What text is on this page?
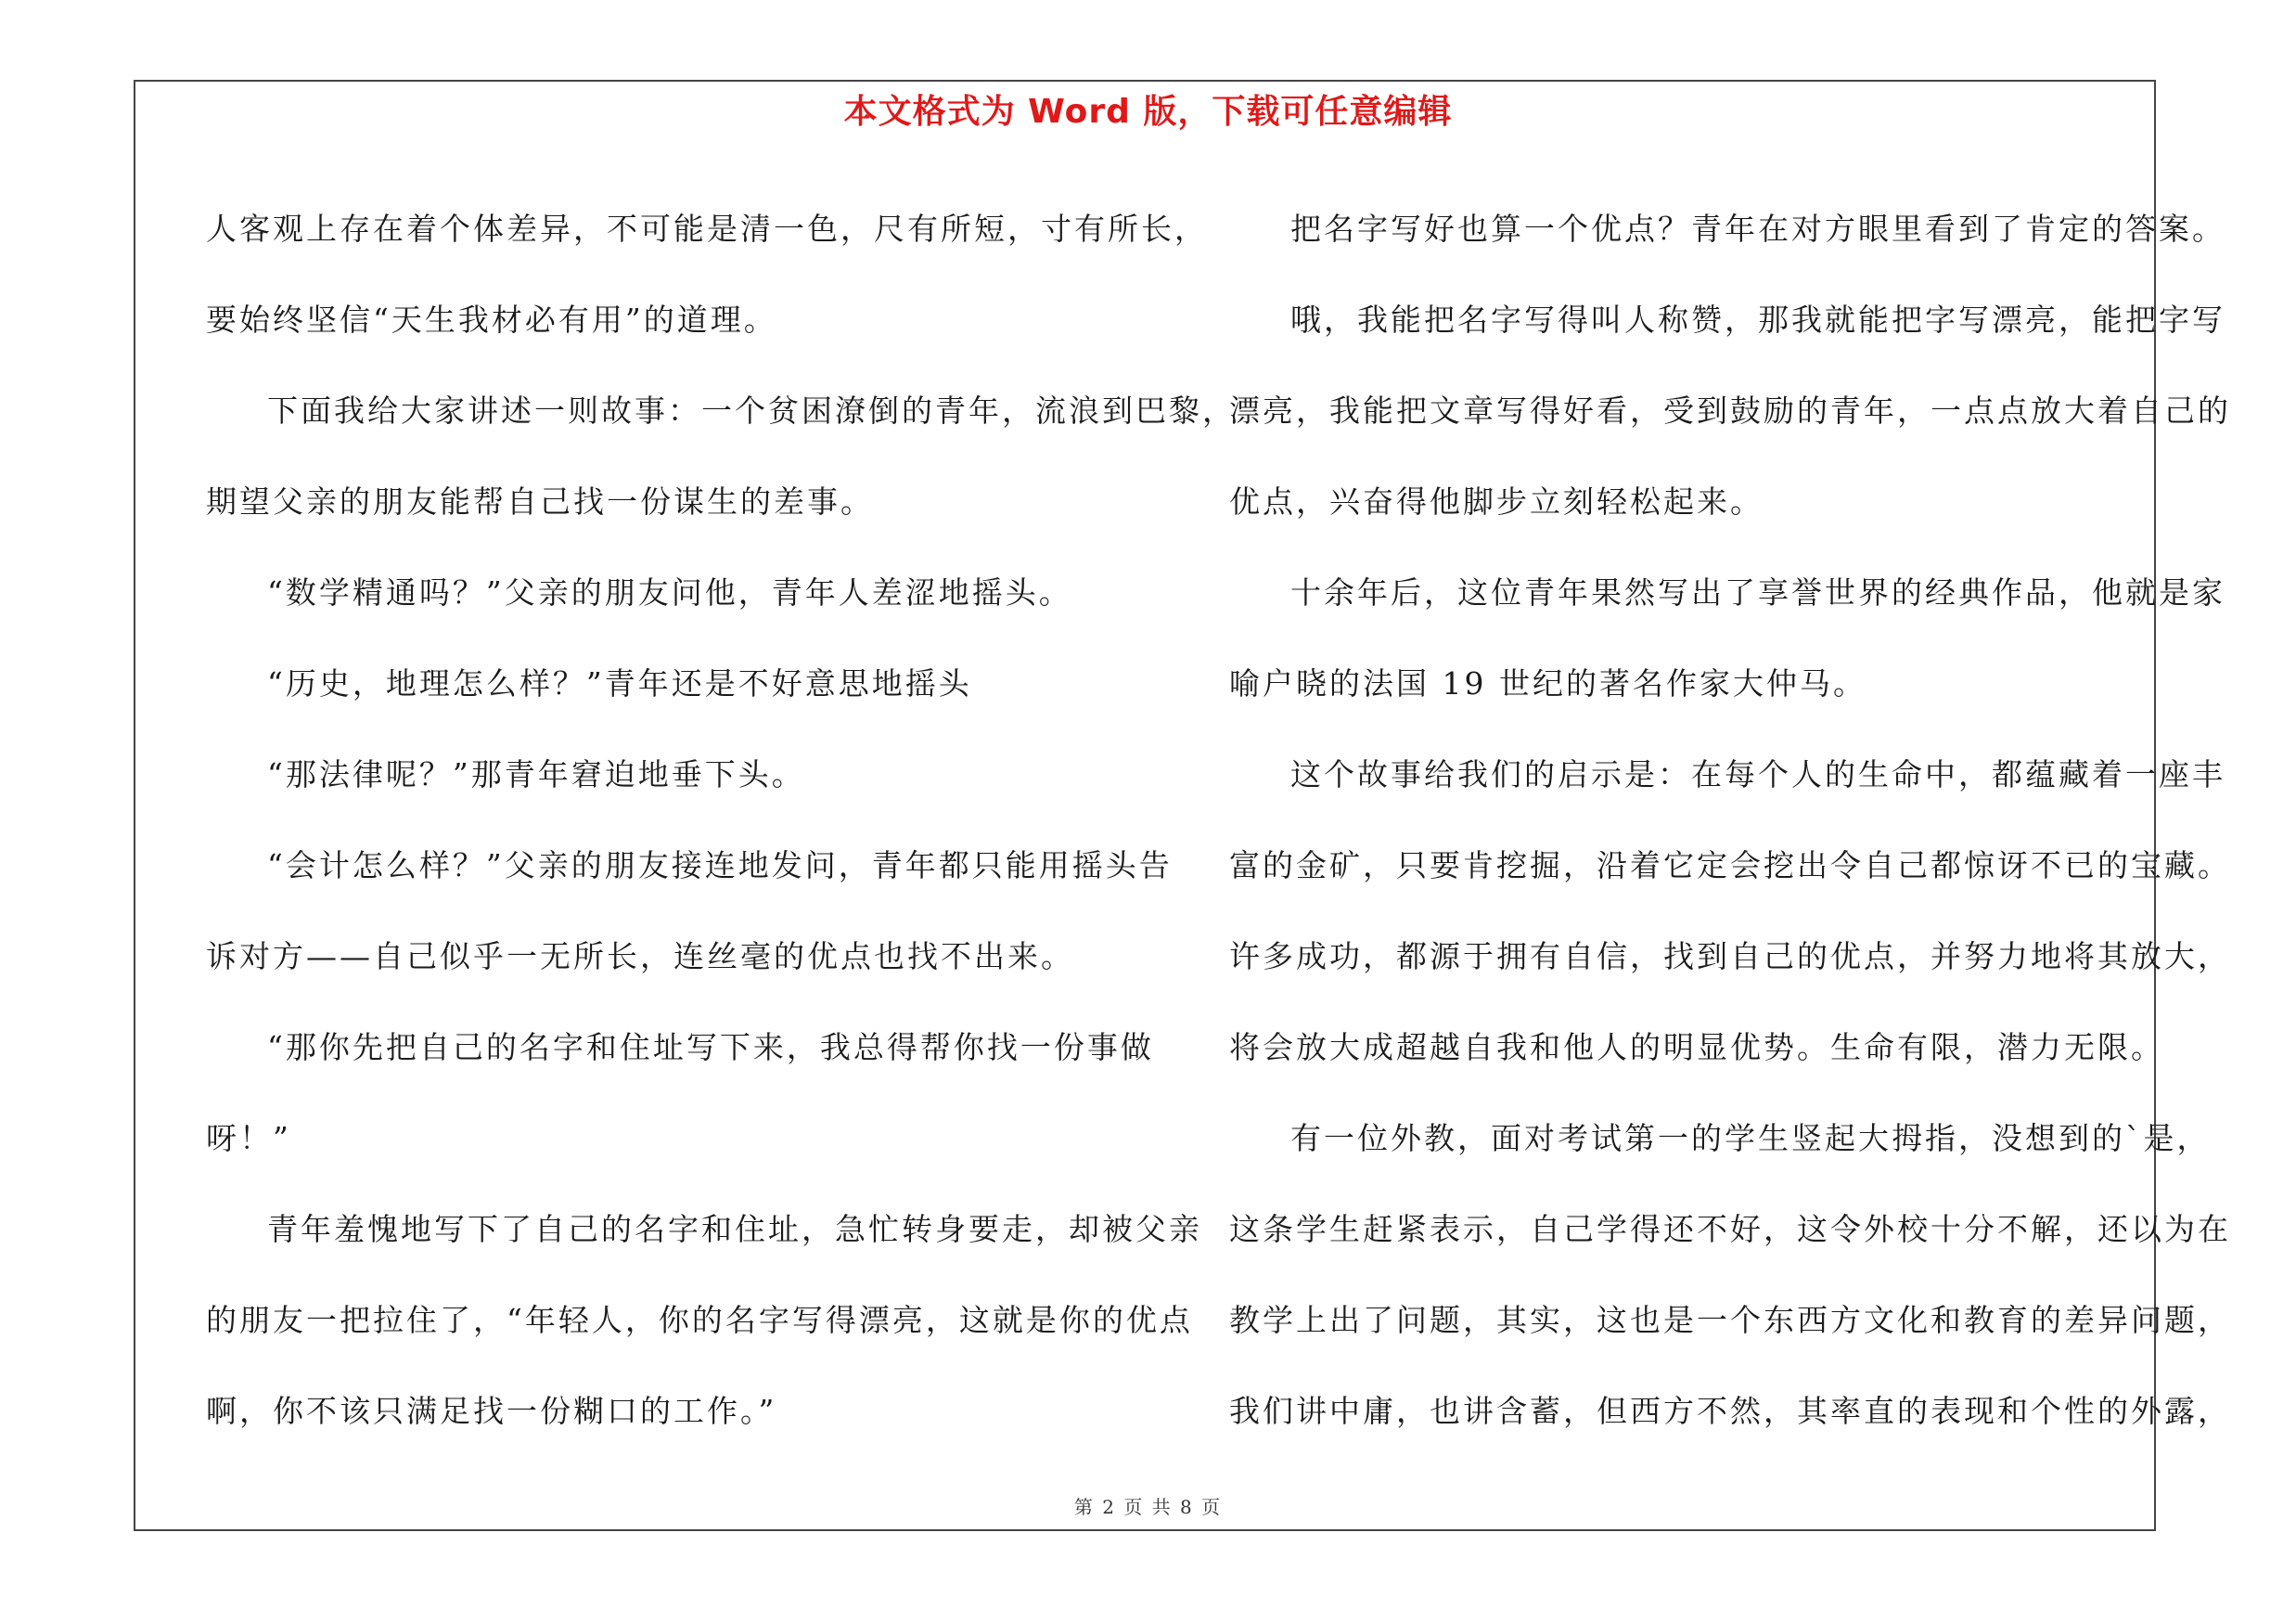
本文格式为 Word 版，下载可任意编辑
人客观上存在着个体差异，不可能是清一色，尺有所短，寸有所长，
要始终坚信“天生我材必有用”的道理。
下面我给大家讲述一则故事：一个贫困潦倒的青年，流浪到巴黎，
期望父亲的朋友能帮自己找一份谋生的差事。
“数学精通吗？”父亲的朋友问他，青年人差涩地摇头。
“历史，地理怎么样？”青年还是不好意思地摇头
“那法律呢？”那青年窘迫地垂下头。
“会计怎么样？”父亲的朋友接连地发问，青年都只能用摇头告
诉对方——自己似乎一无所长，连丝毫的优点也找不出来。
“那你先把自己的名字和住址写下来，我总得帮你找一份事做
呀！”
青年羞愧地写下了自己的名字和住址，急忙转身要走，却被父亲
的朋友一把拉住了，“年轻人，你的名字写得漂亮，这就是你的优点
啊，你不该只满足找一份糊口的工作。”
把名字写好也算一个优点？青年在对方眼里看到了肯定的答案。
哦，我能把名字写得叫人称赞，那我就能把字写漂亮，能把字写
漂亮，我能把文章写得好看，受到鼓励的青年，一点点放大着自己的
优点，兴奋得他脚步立刻轻松起来。
十余年后，这位青年果然写出了享誉世界的经典作品，他就是家
喻户晓的法国 19 世纪的著名作家大仲马。
这个故事给我们的启示是：在每个人的生命中，都蕴藏着一座丰
富的金矿，只要肯挖掘，沿着它定会挖出令自己都惊讶不已的宝藏。
许多成功，都源于拥有自信，找到自己的优点，并努力地将其放大，
将会放大成超越自我和他人的明显优势。生命有限，潜力无限。
有一位外教，面对考试第一的学生竖起大拇指，没想到的`是，
这条学生赶紧表示，自己学得还不好，这令外校十分不解，还以为在
教学上出了问题，其实，这也是一个东西方文化和教育的差异问题，
我们讲中庸，也讲含蓄，但西方不然，其率直的表现和个性的外露，
第 2 页 共 8 页
